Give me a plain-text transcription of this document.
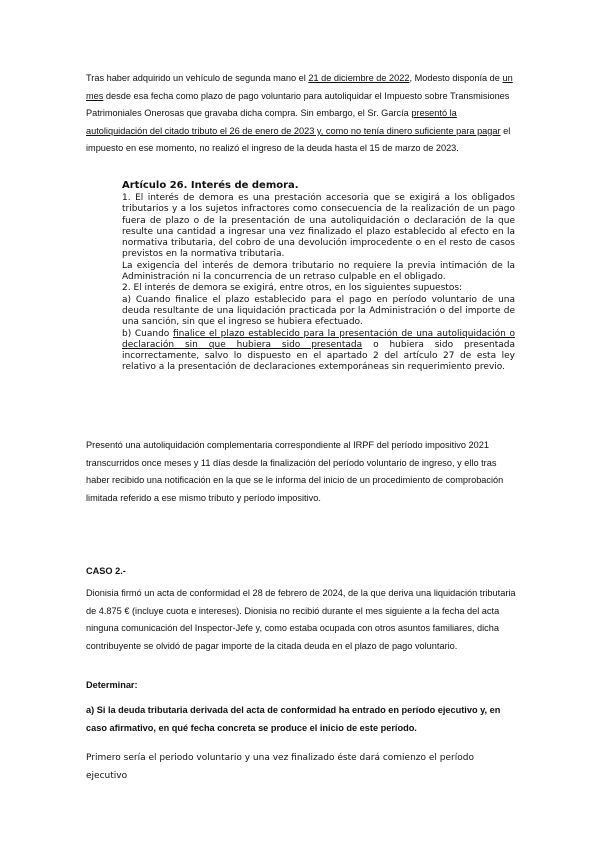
Tras haber adquirido un vehículo de segunda mano el 21 de diciembre de 2022, Modesto disponía de un mes desde esa fecha como plazo de pago voluntario para autoliquidar el Impuesto sobre Transmisiones Patrimoniales Onerosas que gravaba dicha compra. Sin embargo, el Sr. García presentó la autoliquidación del citado tributo el 26 de enero de 2023 y, como no tenía dinero suficiente para pagar el impuesto en ese momento, no realizó el ingreso de la deuda hasta el 15 de marzo de 2023.

Artículo 26. Interés de demora.

1. El interés de demora es una prestación accesoria que se exigirá a los obligados tributarios y a los sujetos infractores como consecuencia de la realización de un pago fuera de plazo o de la presentación de una autoliquidación o declaración de la que resulte una cantidad a ingresar una vez finalizado el plazo establecido al efecto en la normativa tributaria, del cobro de una devolución improcedente o en el resto de casos previstos en la normativa tributaria.

La exigencia del interés de demora tributario no requiere la previa intimación de la Administración ni la concurrencia de un retraso culpable en el obligado.

2. El interés de demora se exigirá, entre otros, en los siguientes supuestos:

a) Cuando finalice el plazo establecido para el pago en período voluntario de una deuda resultante de una liquidación practicada por la Administración o del importe de una sanción, sin que el ingreso se hubiera efectuado.

b) Cuando finalice el plazo establecido para la presentación de una autoliquidación o declaración sin que hubiera sido presentada o hubiera sido presentada incorrectamente, salvo lo dispuesto en el apartado 2 del artículo 27 de esta ley relativo a la presentación de declaraciones extemporáneas sin requerimiento previo.

Presentó una autoliquidación complementaria correspondiente al IRPF del período impositivo 2021 transcurridos once meses y 11 días desde la finalización del período voluntario de ingreso, y ello tras haber recibido una notificación en la que se le informa del inicio de un procedimiento de comprobación limitada referido a ese mismo tributo y período impositivo.

CASO 2.-

Dionisia firmó un acta de conformidad el 28 de febrero de 2024, de la que deriva una liquidación tributaria de 4.875 € (incluye cuota e intereses). Dionisia no recibió durante el mes siguiente a la fecha del acta ninguna comunicación del Inspector-Jefe y, como estaba ocupada con otros asuntos familiares, dicha contribuyente se olvidó de pagar importe de la citada deuda en el plazo de pago voluntario.

Determinar:

a) Si la deuda tributaria derivada del acta de conformidad ha entrado en período ejecutivo y, en caso afirmativo, en qué fecha concreta se produce el inicio de este período.

Primero sería el periodo voluntario y una vez finalizado éste dará comienzo el período ejecutivo
